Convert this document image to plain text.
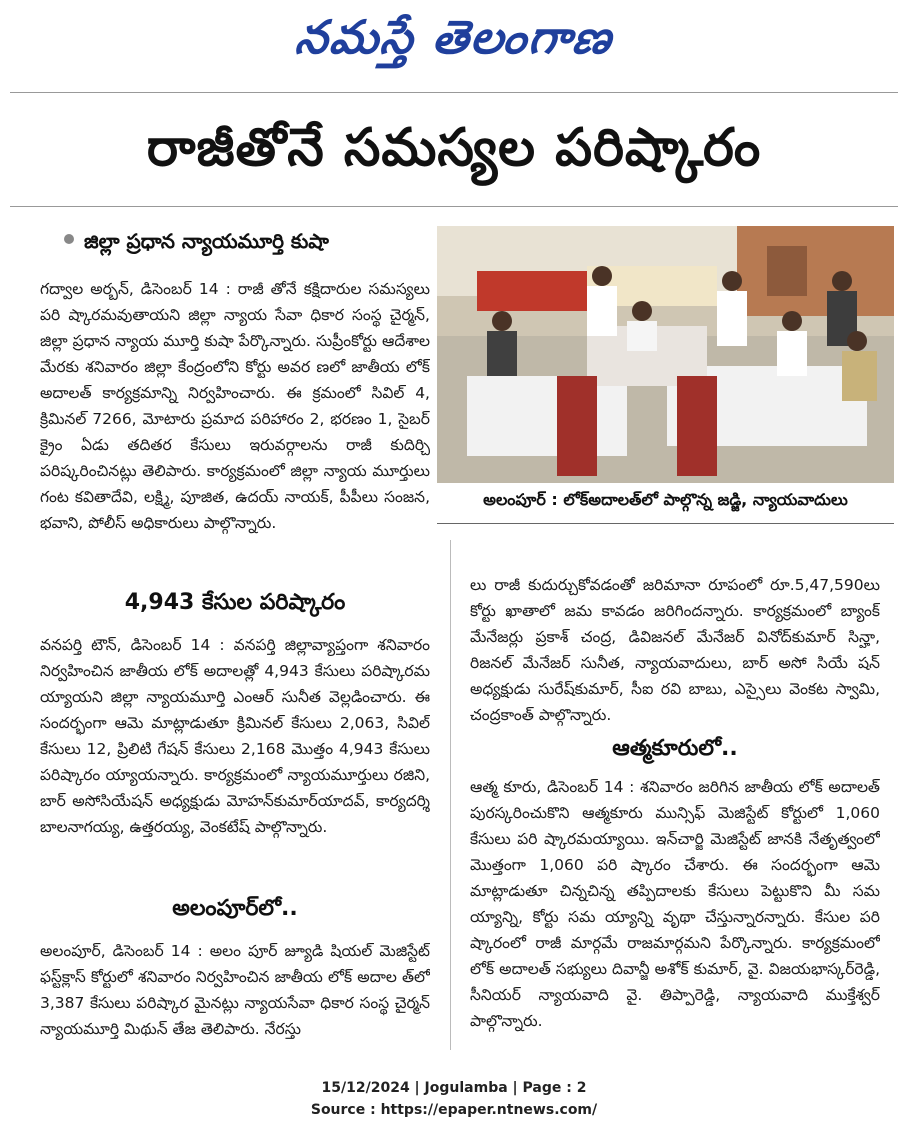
నమస్తే తెలంగాణ
రాజీతోనే సమస్యల పరిష్కారం
జిల్లా ప్రధాన న్యాయమూర్తి కుషా
గద్వాల అర్బన్, డిసెంబర్ 14 : రాజీ తోనే కక్షిదారుల సమస్యలు పరి ష్కారమవుతాయని జిల్లా న్యాయ సేవా ధికార సంస్థ చైర్మన్, జిల్లా ప్రధాన న్యాయ మూర్తి కుషా పేర్కొన్నారు. సుప్రీంకోర్టు ఆదేశాల మేరకు శనివారం జిల్లా కేంద్రంలోని కోర్టు అవర ణలో జాతీయ లోక్ అదాలత్ కార్యక్రమాన్ని నిర్వహించారు. ఈ క్రమంలో సివిల్ 4, క్రిమినల్ 7266, మోటారు ప్రమాద పరిహారం 2, భరణం 1, సైబర్ క్రైం ఏడు తదితర కేసులు ఇరువర్గాలను రాజీ కుదిర్చి పరిష్కరించినట్లు తెలిపారు. కార్యక్రమంలో జిల్లా న్యాయ మూర్తులు గంట కవితాదేవి, లక్ష్మి, పూజిత, ఉదయ్ నాయక్, పీపీలు సంజన, భవాని, పోలీస్ అధికారులు పాల్గొన్నారు.
4,943 కేసుల పరిష్కారం
వనపర్తి టౌన్, డిసెంబర్ 14 : వనపర్తి జిల్లావ్యాప్తంగా శనివారం నిర్వహించిన జాతీయ లోక్ అదాలత్లో 4,943 కేసులు పరిష్కారమ య్యాయని జిల్లా న్యాయమూర్తి ఎంఆర్ సునీత వెల్లడించారు. ఈ సందర్భంగా ఆమె మాట్లాడుతూ క్రిమినల్ కేసులు 2,063, సివిల్ కేసులు 12, ప్రిలిటి గేషన్ కేసులు 2,168 మొత్తం 4,943 కేసులు పరిష్కారం య్యాయన్నారు. కార్యక్రమంలో న్యాయమూర్తులు రజిని, బార్ అసోసియేషన్ అధ్యక్షుడు మోహన్‌కుమార్‌యాదవ్, కార్యదర్శి బాలనాగయ్య, ఉత్తరయ్య, వెంకటేష్ పాల్గొన్నారు.
అలంపూర్‌లో..
అలంపూర్, డిసెంబర్ 14 : అలం పూర్ జ్యూడి షియల్ మెజిస్టేట్ ఫస్ట్‌క్లాస్ కోర్టులో శనివారం నిర్వహించిన జాతీయ లోక్ అదాల త్‌లో 3,387 కేసులు పరిష్కార మైనట్లు న్యాయసేవా ధికార సంస్థ చైర్మన్ న్యాయమూర్తి మిథున్ తేజ తెలిపారు. నేరస్తు
అలంపూర్ : లోక్‌అదాలత్‌లో పాల్గొన్న జడ్జి, న్యాయవాదులు
లు రాజీ కుదుర్చుకోవడంతో జరిమానా రూపంలో రూ.5,47,590లు కోర్టు ఖాతాలో జమ కావడం జరిగిందన్నారు. కార్యక్రమంలో బ్యాంక్ మేనేజర్లు ప్రకాశ్ చంద్ర, డివిజనల్ మేనేజర్ వినోద్‌కుమార్ సిన్హా, రిజనల్ మేనేజర్ సునీత, న్యాయవాదులు, బార్ అసో సియే షన్ అధ్యక్షుడు సురేష్‌కుమార్, సీఐ రవి బాబు, ఎస్సైలు వెంకట స్వామి, చంద్రకాంత్ పాల్గొన్నారు.
ఆత్మకూరులో..
ఆత్మ కూరు, డిసెంబర్ 14 : శనివారం జరిగిన జాతీయ లోక్ అదాలత్ పురస్కరించుకొని ఆత్మకూరు మున్సిఫ్ మెజిస్టేట్ కోర్టులో 1,060 కేసులు పరి ష్కారమయ్యాయి. ఇన్‌చార్జి మెజిస్టేట్ జానకి నేతృత్వంలో మొత్తంగా 1,060 పరి ష్కారం చేశారు. ఈ సందర్భంగా ఆమె మాట్లాడుతూ చిన్నచిన్న తప్పిదాలకు కేసులు పెట్టుకొని మీ సమ య్యాన్ని, కోర్టు సమ య్యాన్ని వృథా చేస్తున్నారన్నారు. కేసుల పరి ష్కారంలో రాజీ మార్గమే రాజమార్గమని పేర్కొన్నారు. కార్యక్రమంలో లోక్ అదాలత్ సభ్యులు దివాన్జీ అశోక్ కుమార్, వై. విజయభాస్కర్‌రెడ్డి, సీనియర్ న్యాయవాది వై. తిప్పారెడ్డి, న్యాయవాది ముక్తేశ్వర్ పాల్గొన్నారు.
15/12/2024 | Jogulamba | Page : 2
Source : https://epaper.ntnews.com/
